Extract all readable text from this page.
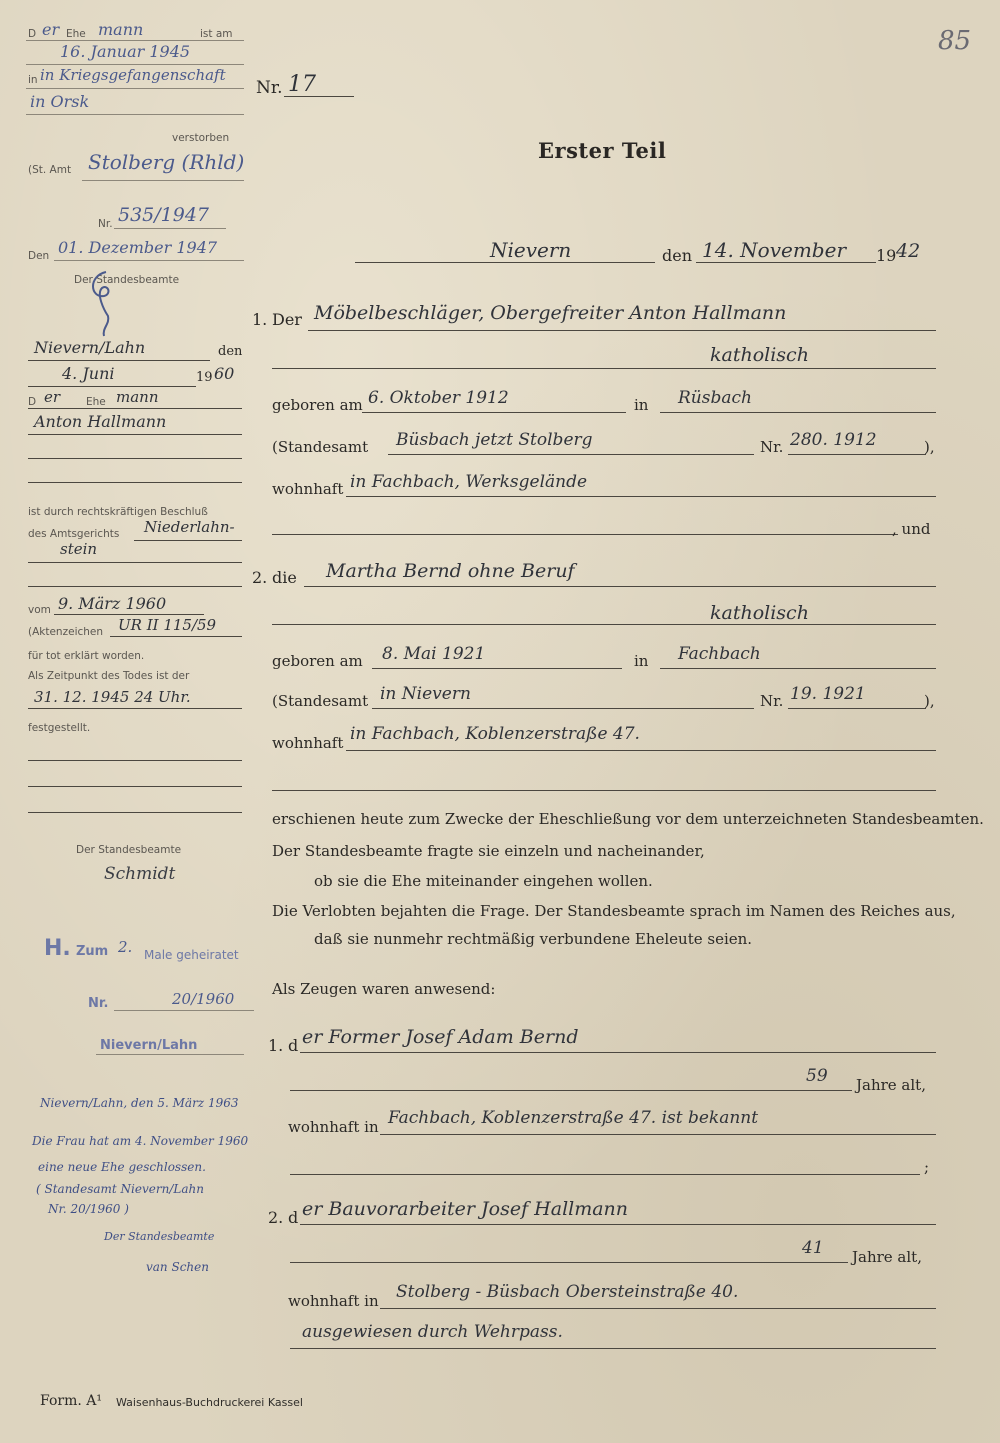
85
Nr. 17
Erster Teil
Nievern	den 14. November 19 42
1. Der Möbelbeschläger, Obergefreiter Anton Hallmann
katholisch
geboren am 6. Oktober 1912	in Rüsbach
(Standesamt Büsbach jetzt Stolberg	Nr. 280. 1912	),
wohnhaft in Fachbach, Werksgelände
, und
2. die Martha Bernd ohne Beruf
katholisch
geboren am 8. Mai 1921	in Fachbach
(Standesamt in Nievern	Nr. 19. 1921	),
wohnhaft in Fachbach, Koblenzerstraße 47.
erschienen heute zum Zwecke der Eheschließung vor dem unterzeichneten Standesbeamten.
Der Standesbeamte fragte sie einzeln und nacheinander,
ob sie die Ehe miteinander eingehen wollen.
Die Verlobten bejahten die Frage. Der Standesbeamte sprach im Namen des Reiches aus,
daß sie nunmehr rechtmäßig verbundene Eheleute seien.
Als Zeugen waren anwesend:
1. d er Former Josef Adam Bernd
59 Jahre alt,
wohnhaft in Fachbach, Koblenzerstraße 47. ist bekannt
;
2. d er Bauvorarbeiter Josef Hallmann
41 Jahre alt,
wohnhaft in Stolberg - Büsbach Obersteinstraße 40.
ausgewiesen durch Wehrpass.
D er Ehe mann	ist am
16. Januar 1945
in in Kriegsgefangenschaft
in Orsk
verstorben
(St. Amt Stolberg (Rhld)
Nr. 535/1947
Den 01. Dezember 1947
Der Standesbeamte
Nievern/Lahn	den
4. Juni	19 60
D er Ehe mann
Anton Hallmann
ist durch rechtskräftigen Beschluß
des Amtsgerichts Niederlahn-
stein
vom 9. März 1960
(Aktenzeichen UR II 115/59
für tot erklärt worden.
Als Zeitpunkt des Todes ist der
31. 12. 1945 24 Uhr.
festgestellt.
Der Standesbeamte
Schmidt
H. Zum 2. Male geheiratet
Nr.	20/1960
Nievern/Lahn
Nievern/Lahn, den 5. März 1963
Die Frau hat am 4. November 1960
eine neue Ehe geschlossen.
( Standesamt Nievern/Lahn
Nr. 20/1960 )
Der Standesbeamte
van Schen
Form. A¹ Waisenhaus-Buchdruckerei Kassel
